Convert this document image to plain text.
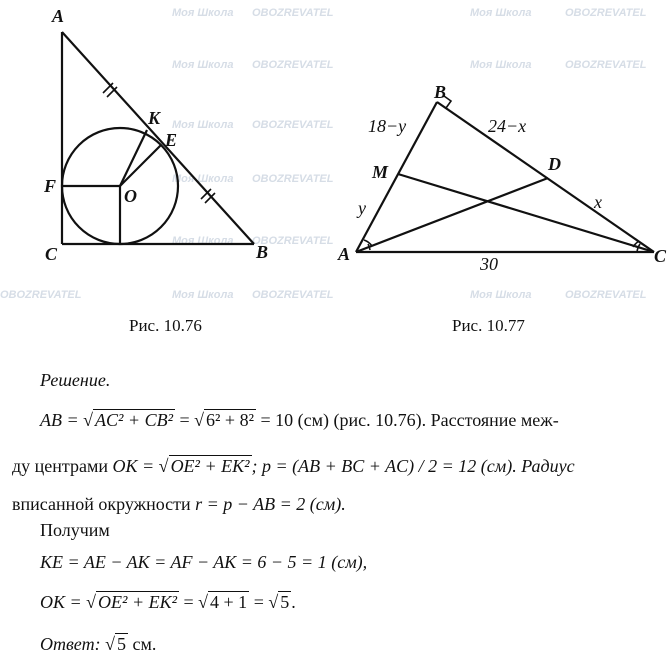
Моя Школа OBOZREVATEL	Моя Школа	OBOZREVATEL
Моя Школа OBOZREVATEL	Моя Школа	OBOZREVATEL
Моя Школа OBOZREVATEL
Моя Школа OBOZREVATEL
Моя Школа OBOZREVATEL
OBOZREVATEL	Моя Школа OBOZREVATEL	Моя Школа	OBOZREVATEL
A
B
C
E
F
K
O
A
B
C
D
M
18−y	24−x
y	x
30
Рис. 10.76	Рис. 10.77
Решение.
AB = √ AC² + CB² = √ 6² + 8² = 10 (см) (рис. 10.76). Расстояние меж-
ду центрами OK = √ OE² + EK² ; p = (AB + BC + AC) / 2 = 12 (см). Радиус
вписанной окружности r = p − AB = 2 (см).
Получим
KE = AE − AK = AF − AK = 6 − 5 = 1 (см),
OK = √ OE² + EK² = √ 4 + 1 = √ 5 .
Ответ: √ 5 см.
